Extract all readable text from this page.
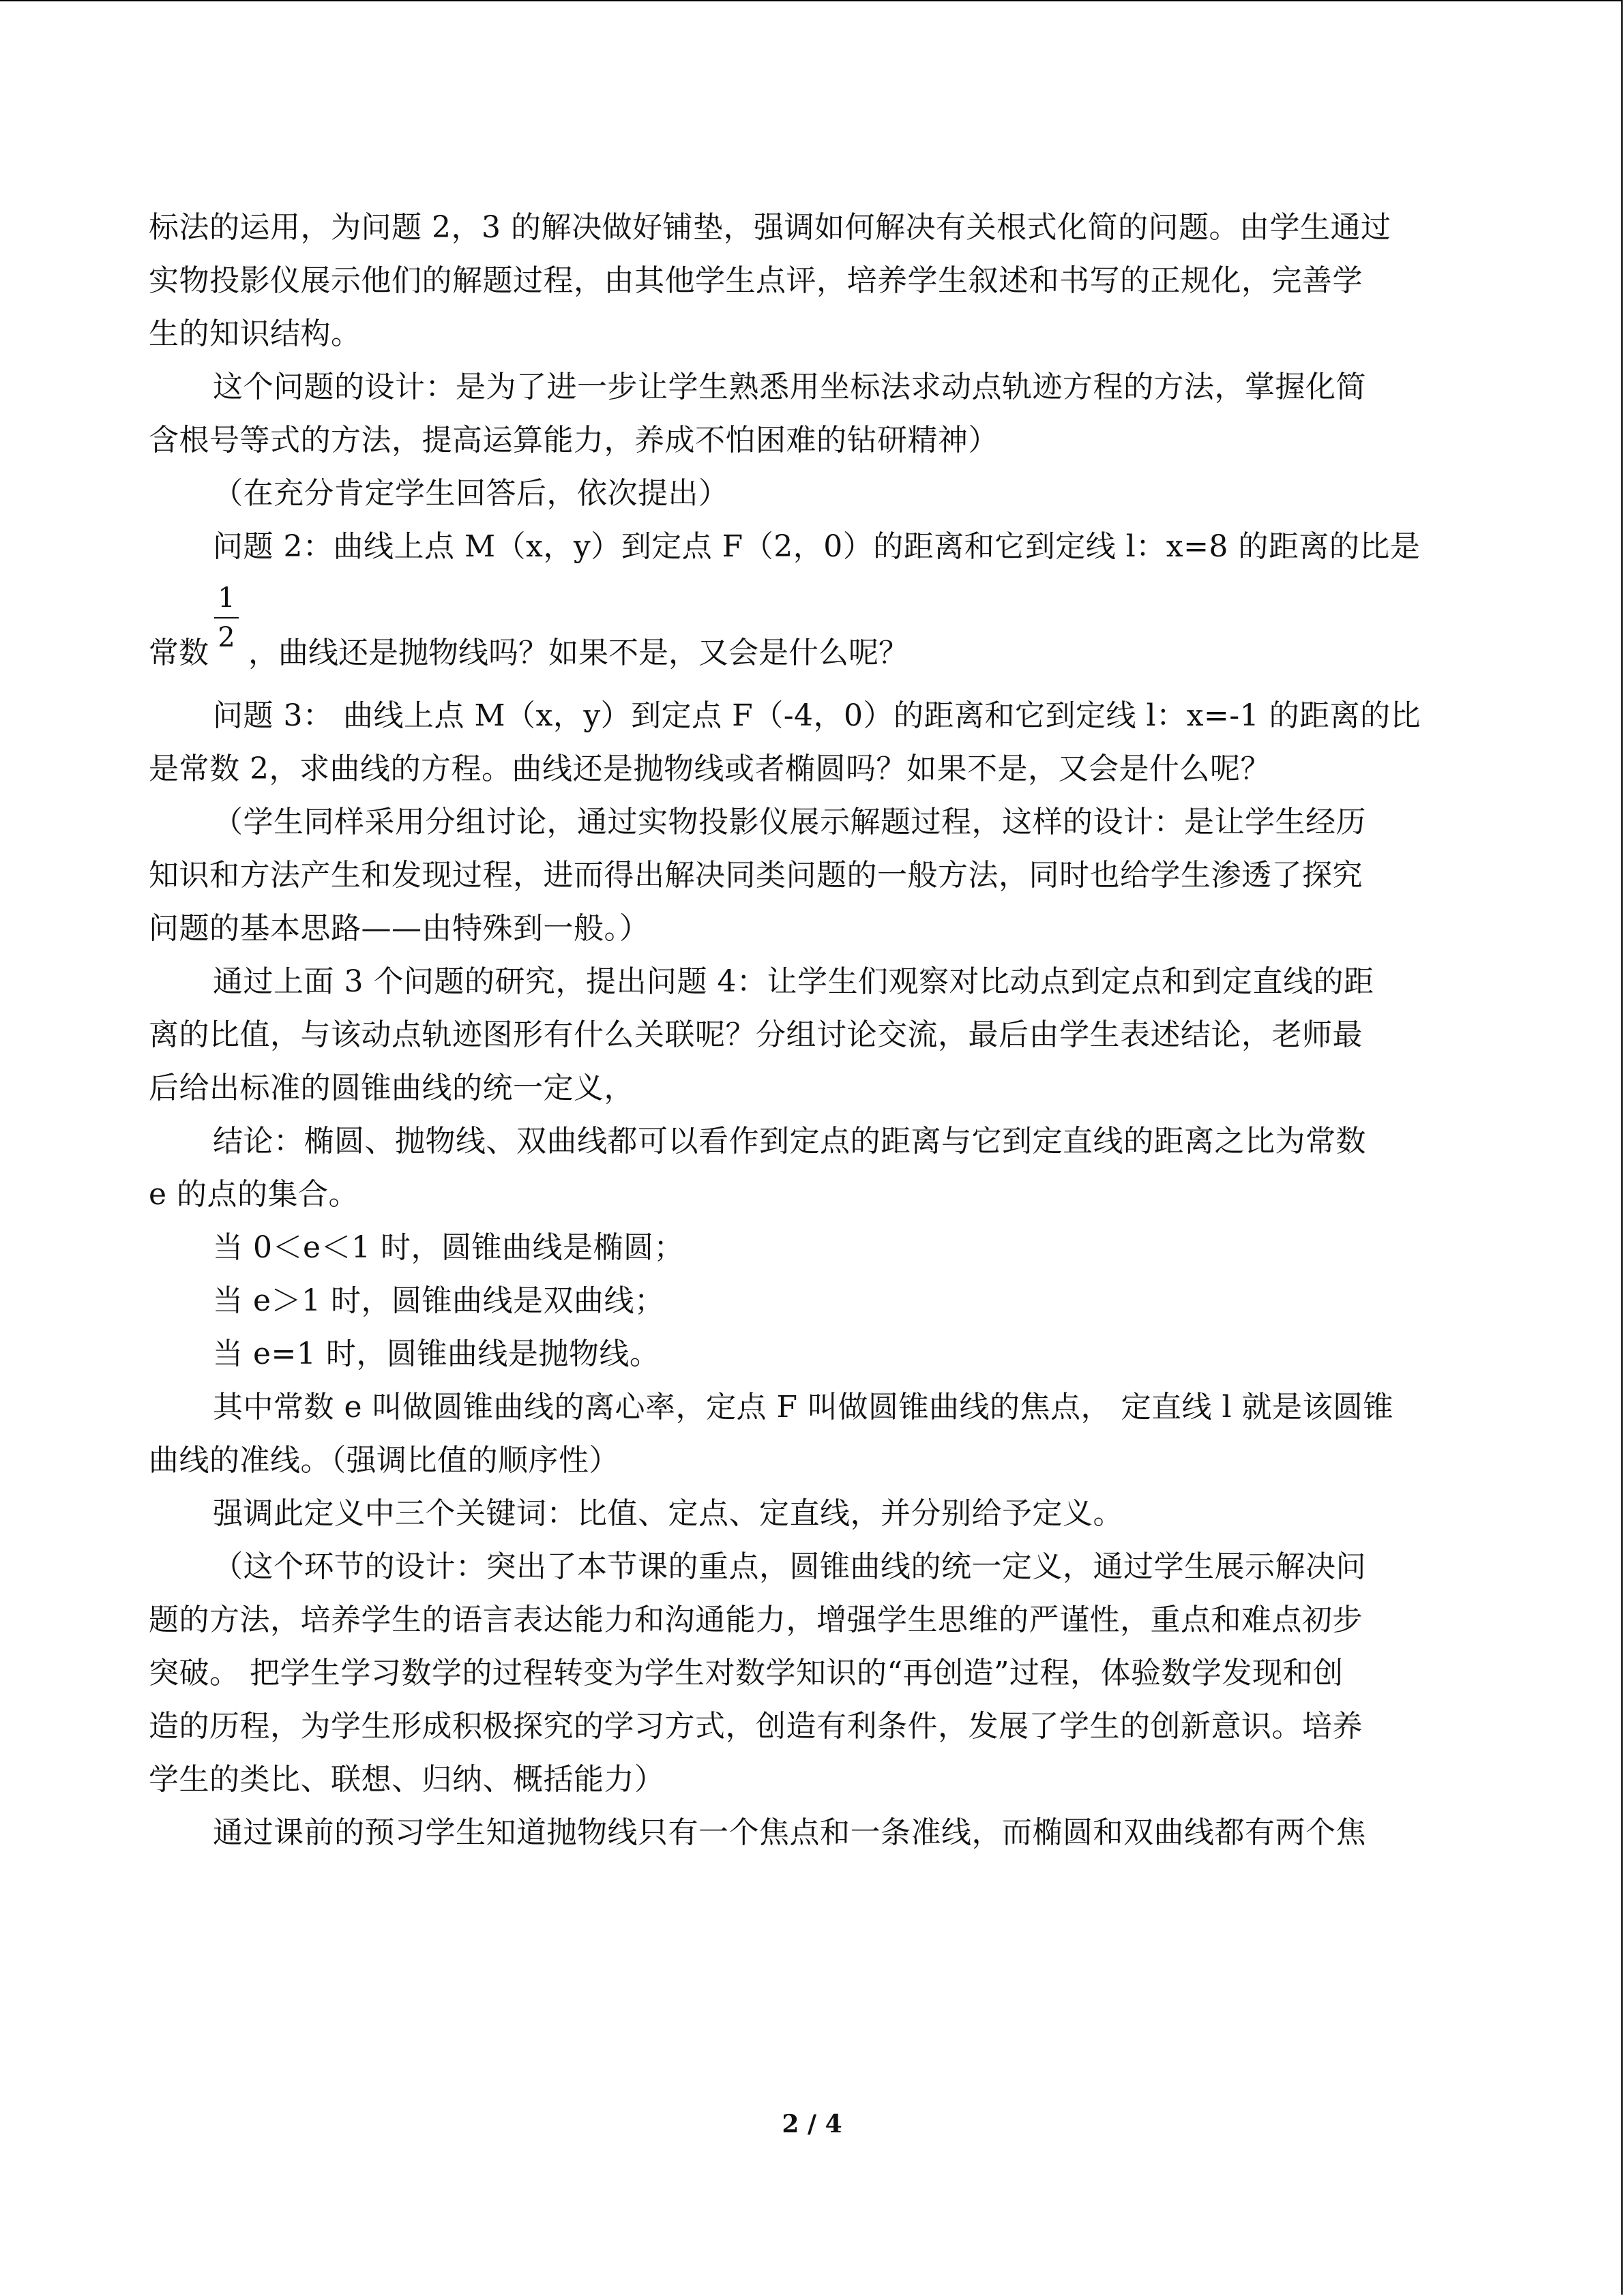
标法的运用，为问题 2，3 的解决做好铺垫，强调如何解决有关根式化简的问题。由学生通过
实物投影仪展示他们的解题过程，由其他学生点评，培养学生叙述和书写的正规化，完善学
生的知识结构。
这个问题的设计：是为了进一步让学生熟悉用坐标法求动点轨迹方程的方法，掌握化简
含根号等式的方法，提高运算能力，养成不怕困难的钻研精神）
（在充分肯定学生回答后，依次提出）
问题 2：曲线上点 M（x，y）到定点 F（2，0）的距离和它到定线 l：x=8 的距离的比是
$\frac{1}{2}$
常数 ，曲线还是抛物线吗？如果不是，又会是什么呢？
问题 3： 曲线上点 M（x，y）到定点 F（-4，0）的距离和它到定线 l：x=-1 的距离的比
是常数 2，求曲线的方程。曲线还是抛物线或者椭圆吗？如果不是，又会是什么呢？
（学生同样采用分组讨论，通过实物投影仪展示解题过程，这样的设计：是让学生经历
知识和方法产生和发现过程，进而得出解决同类问题的一般方法，同时也给学生渗透了探究
问题的基本思路——由特殊到一般。）
通过上面 3 个问题的研究，提出问题 4：让学生们观察对比动点到定点和到定直线的距
离的比值，与该动点轨迹图形有什么关联呢？分组讨论交流，最后由学生表述结论，老师最
后给出标准的圆锥曲线的统一定义，
结论：椭圆、抛物线、双曲线都可以看作到定点的距离与它到定直线的距离之比为常数
e 的点的集合。
当 0＜e＜1 时，圆锥曲线是椭圆；
当 e＞1 时，圆锥曲线是双曲线；
当 e=1 时，圆锥曲线是抛物线。
其中常数 e 叫做圆锥曲线的离心率，定点 F 叫做圆锥曲线的焦点， 定直线 l 就是该圆锥
曲线的准线。（强调比值的顺序性）
强调此定义中三个关键词：比值、定点、定直线，并分别给予定义。
（这个环节的设计：突出了本节课的重点，圆锥曲线的统一定义，通过学生展示解决问
题的方法，培养学生的语言表达能力和沟通能力，增强学生思维的严谨性，重点和难点初步
突破。 把学生学习数学的过程转变为学生对数学知识的“再创造”过程，体验数学发现和创
造的历程，为学生形成积极探究的学习方式，创造有利条件，发展了学生的创新意识。培养
学生的类比、联想、归纳、概括能力）
通过课前的预习学生知道抛物线只有一个焦点和一条准线，而椭圆和双曲线都有两个焦
2 / 4
